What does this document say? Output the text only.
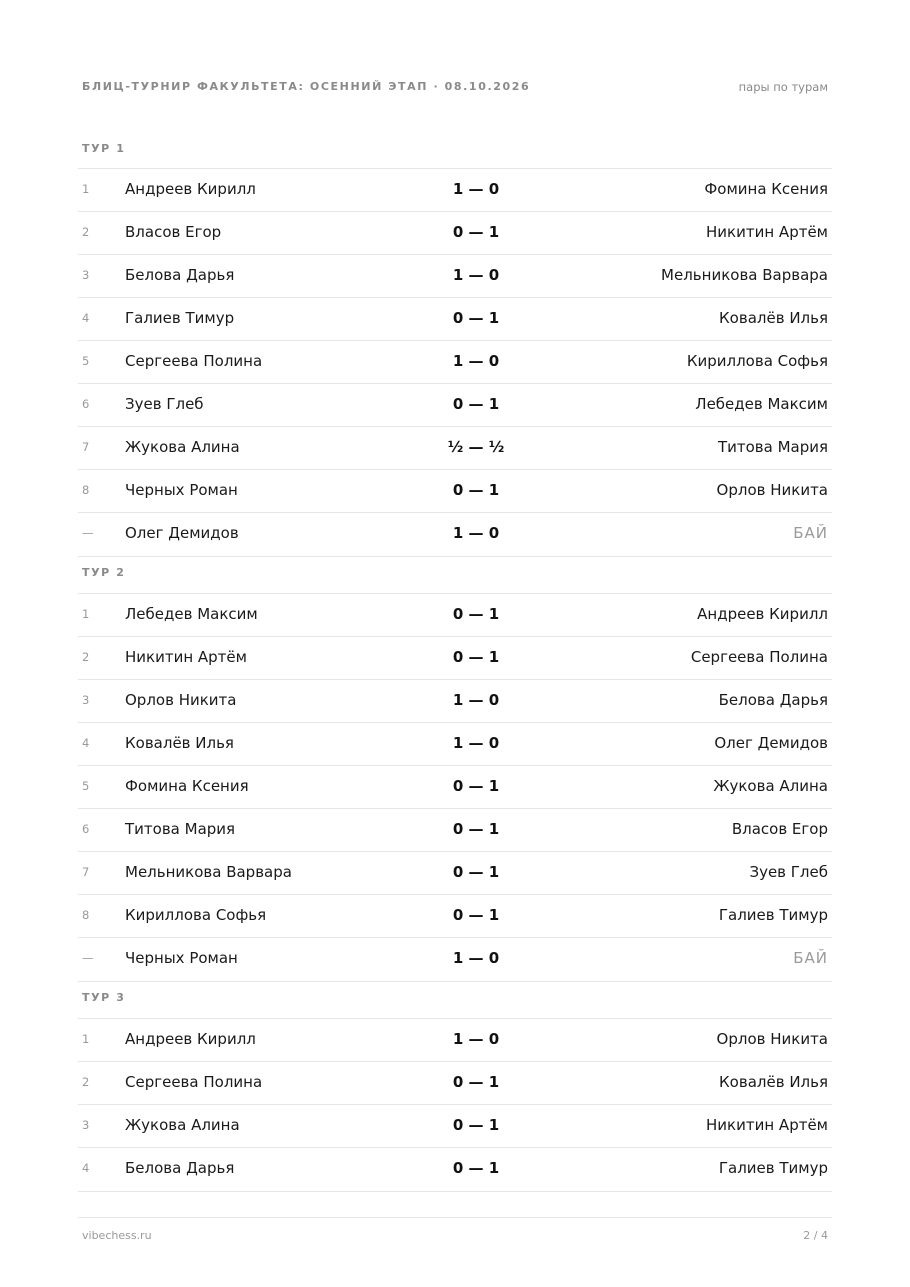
БЛИЦ-ТУРНИР ФАКУЛЬТЕТА: ОСЕННИЙ ЭТАП · 08.10.2026	пары по турам
ТУР 1
1 Андреев Кирилл	1 — 0	Фомина Ксения
2 Власов Егор	0 — 1	Никитин Артём
3 Белова Дарья	1 — 0	Мельникова Варвара
4 Галиев Тимур	0 — 1	Ковалёв Илья
5 Сергеева Полина	1 — 0	Кириллова Софья
6 Зуев Глеб	0 — 1	Лебедев Максим
7 Жукова Алина	½ — ½	Титова Мария
8 Черных Роман	0 — 1	Орлов Никита
— Олег Демидов	1 — 0	БАЙ
ТУР 2
1 Лебедев Максим	0 — 1	Андреев Кирилл
2 Никитин Артём	0 — 1	Сергеева Полина
3 Орлов Никита	1 — 0	Белова Дарья
4 Ковалёв Илья	1 — 0	Олег Демидов
5 Фомина Ксения	0 — 1	Жукова Алина
6 Титова Мария	0 — 1	Власов Егор
7 Мельникова Варвара	0 — 1	Зуев Глеб
8 Кириллова Софья	0 — 1	Галиев Тимур
— Черных Роман	1 — 0	БАЙ
ТУР 3
1 Андреев Кирилл	1 — 0	Орлов Никита
2 Сергеева Полина	0 — 1	Ковалёв Илья
3 Жукова Алина	0 — 1	Никитин Артём
4 Белова Дарья	0 — 1	Галиев Тимур
vibechess.ru	2 / 4
